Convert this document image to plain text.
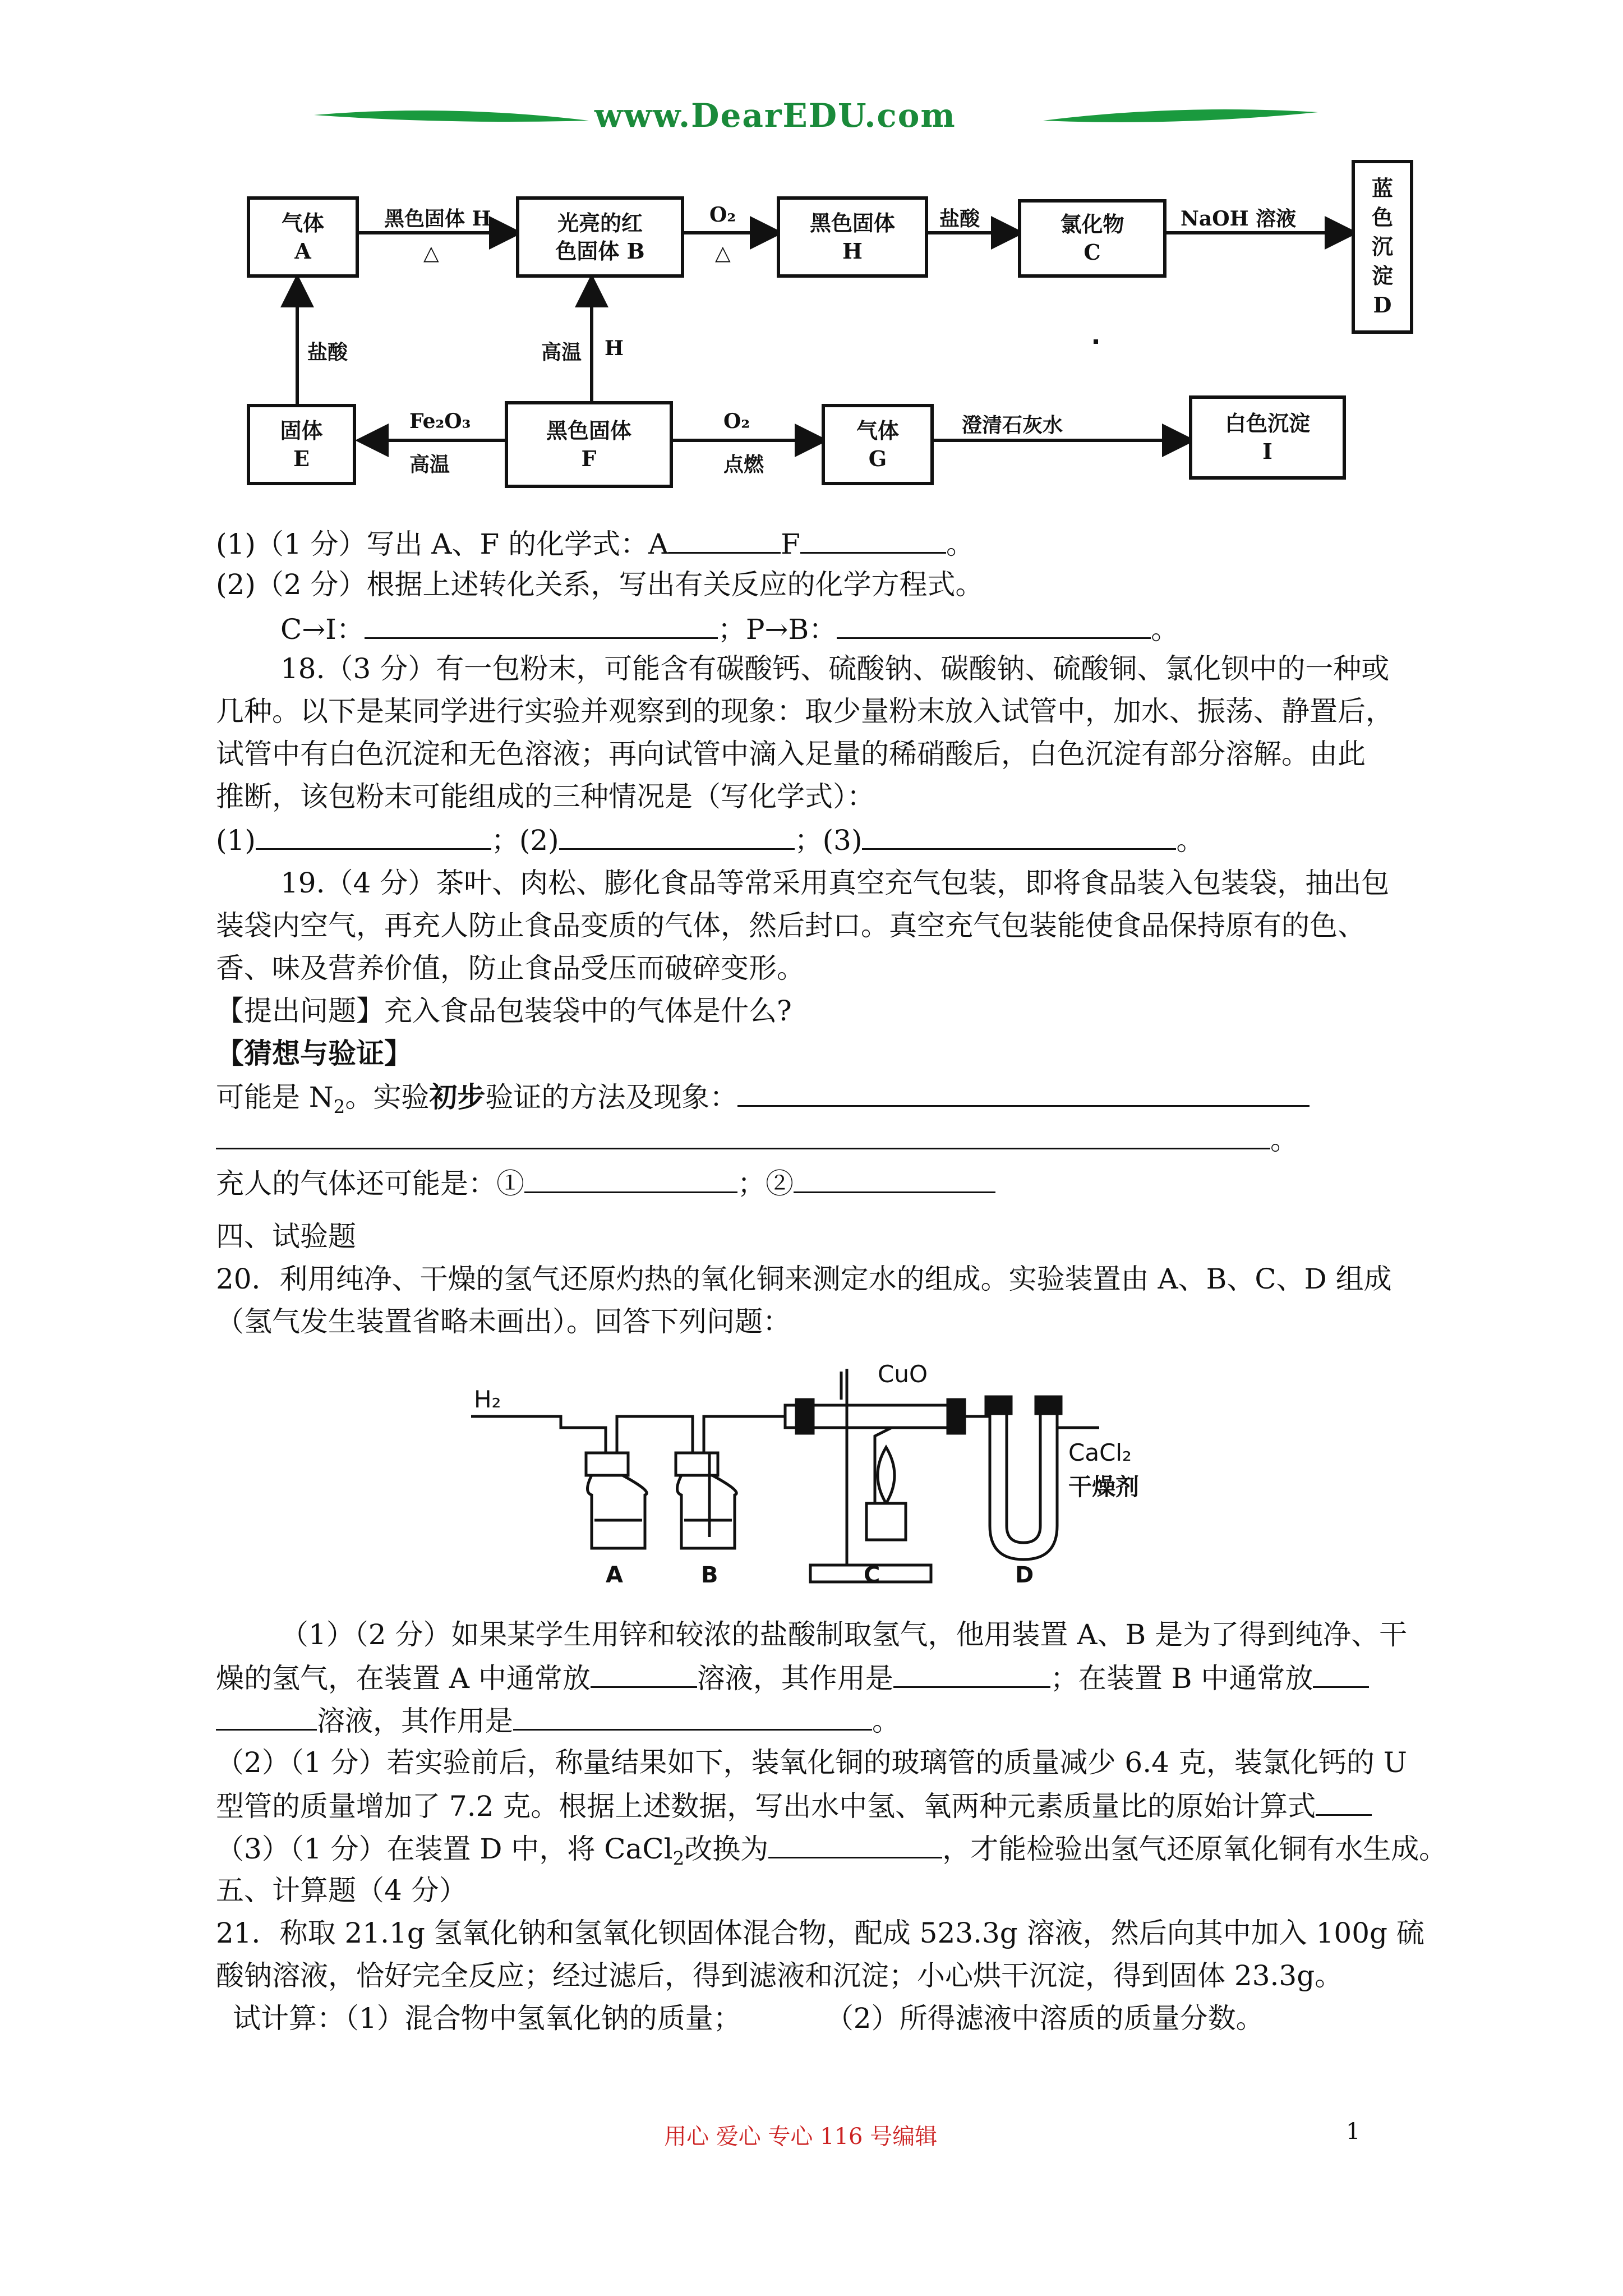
www.DearEDU.com
气体
A
光亮的红
色固体 B
黑色固体
H
氯化物
C
蓝
色
沉
淀
D
固体
E
黑色固体
F
气体
G
白色沉淀
I
黑色固体 H
△
O₂
△
盐酸	NaOH 溶液
Fe₂O₃
高温
O₂
点燃
澄清石灰水
盐酸	高温 H
(1)（1 分）写出 A、F 的化学式：A	F	。
(2)（2 分）根据上述转化关系，写出有关反应的化学方程式。
C→I：	；P→B：	。
18.（3 分）有一包粉末，可能含有碳酸钙、硫酸钠、碳酸钠、硫酸铜、氯化钡中的一种或
几种。以下是某同学进行实验并观察到的现象：取少量粉末放入试管中，加水、振荡、静置后，
试管中有白色沉淀和无色溶液；再向试管中滴入足量的稀硝酸后，白色沉淀有部分溶解。由此
推断，该包粉末可能组成的三种情况是（写化学式）：
(1)	；(2)	；(3)	。
19.（4 分）茶叶、肉松、膨化食品等常采用真空充气包装，即将食品装入包装袋，抽出包
装袋内空气，再充人防止食品变质的气体，然后封口。真空充气包装能使食品保持原有的色、
香、味及营养价值，防止食品受压而破碎变形。
【提出问题】充入食品包装袋中的气体是什么?
【猜想与验证】
可能是 $N_2$。实验初步验证的方法及现象：
。
充人的气体还可能是：①	；②
四、试验题
20．利用纯净、干燥的氢气还原灼热的氧化铜来测定水的组成。实验装置由 A、B、C、D 组成
（氢气发生装置省略未画出）。回答下列问题：
H₂
CuO
CaCl₂
干燥剂
A	B	C	D
（1）（2 分）如果某学生用锌和较浓的盐酸制取氢气，他用装置 A、B 是为了得到纯净、干
燥的氢气，在装置 A 中通常放	溶液，其作用是	；在装置 B 中通常放
溶液，其作用是	。
（2）（1 分）若实验前后，称量结果如下，装氧化铜的玻璃管的质量减少 6.4 克，装氯化钙的 U
型管的质量增加了 7.2 克。根据上述数据，写出水中氢、氧两种元素质量比的原始计算式
（3）（1 分）在装置 D 中，将 CaCl$_2$改换为	，才能检验出氢气还原氧化铜有水生成。
五、计算题（4 分）
21．称取 21.1g 氢氧化钠和氢氧化钡固体混合物，配成 523.3g 溶液，然后向其中加入 100g 硫
酸钠溶液，恰好完全反应；经过滤后，得到滤液和沉淀；小心烘干沉淀，得到固体 23.3g。
试计算：（1）混合物中氢氧化钠的质量；	（2）所得滤液中溶质的质量分数。
用心 爱心 专心 116 号编辑	1
